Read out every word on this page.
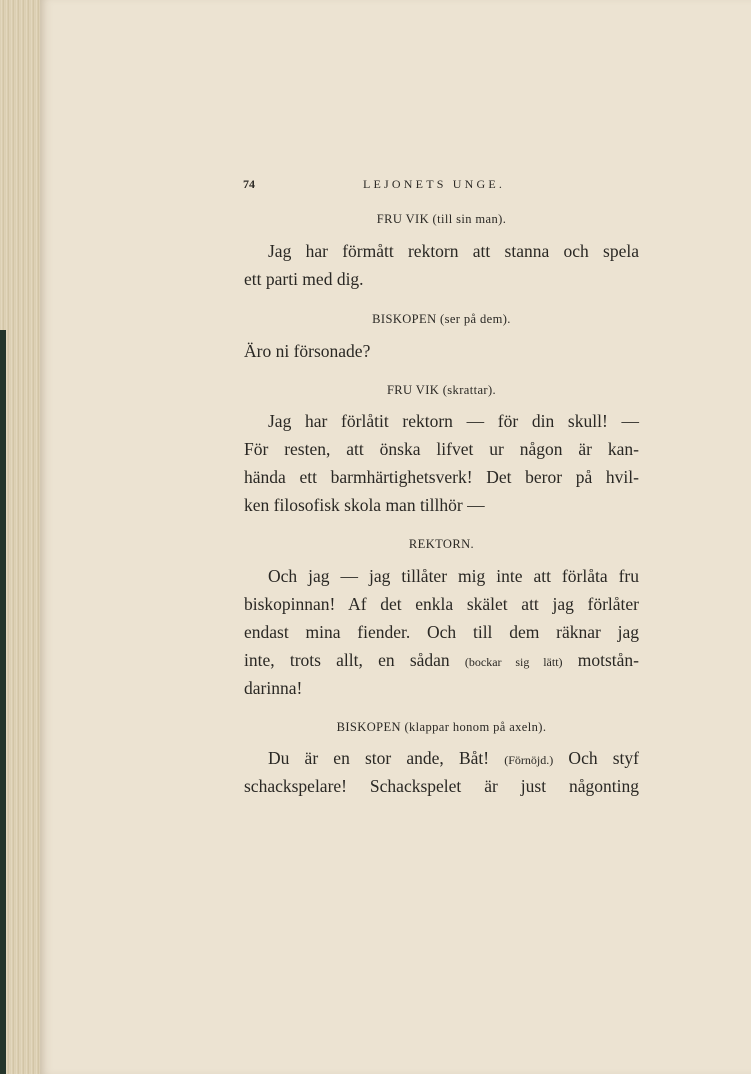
74	LEJONETS UNGE.
FRU VIK (till sin man).
Jag har förmått rektorn att stanna och spela
ett parti med dig.
BISKOPEN (ser på dem).
Äro ni försonade?
FRU VIK (skrattar).
Jag har förlåtit rektorn — för din skull! —
För resten, att önska lifvet ur någon är kan-
hända ett barmhärtighetsverk! Det beror på hvil-
ken filosofisk skola man tillhör —
REKTORN.
Och jag — jag tillåter mig inte att förlåta fru
biskopinnan! Af det enkla skälet att jag förlåter
endast mina fiender. Och till dem räknar jag
inte, trots allt, en sådan (bockar sig lätt) motstån-
darinna!
BISKOPEN (klappar honom på axeln).
Du är en stor ande, Båt! (Förnöjd.) Och styf
schackspelare! Schackspelet är just någonting
